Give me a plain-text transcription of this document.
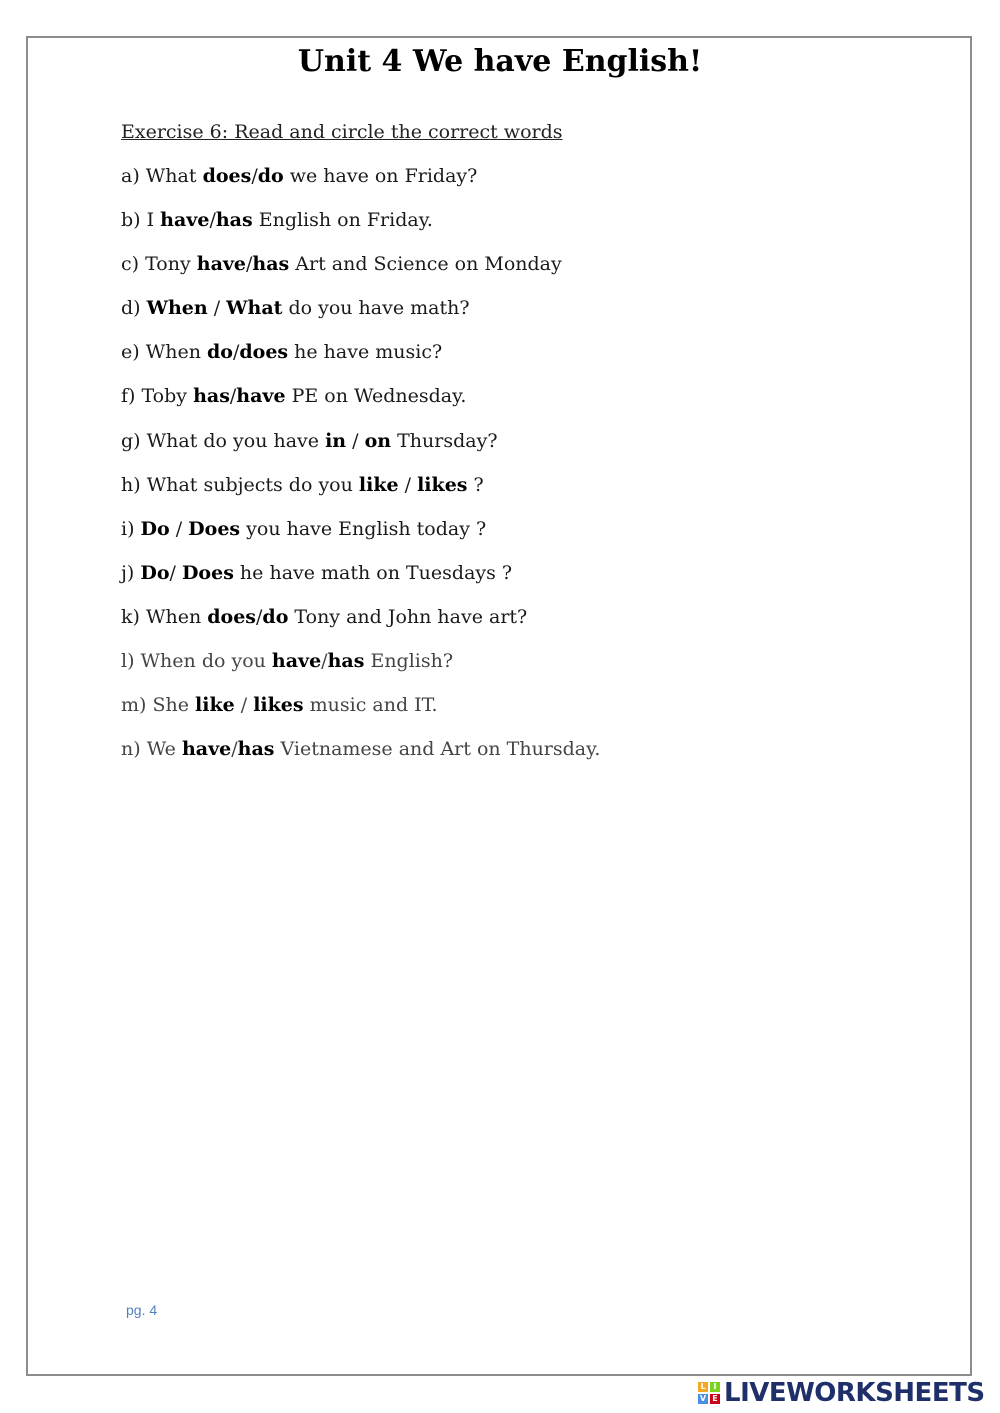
Unit 4 We have English!
Exercise 6: Read and circle the correct words
a) What does/do we have on Friday?
b) I have/has English on Friday.
c) Tony have/has Art and Science on Monday
d) When / What do you have math?
e) When do/does he have music?
f) Toby has/have PE on Wednesday.
g) What do you have in / on Thursday?
h) What subjects do you like / likes ?
i) Do / Does you have English today ?
j) Do/ Does he have math on Tuesdays ?
k) When does/do Tony and John have art?
l) When do you have/has English?
m) She like / likes music and IT.
n) We have/has Vietnamese and Art on Thursday.
pg. 4
L I
V E LIVEWORKSHEETS
